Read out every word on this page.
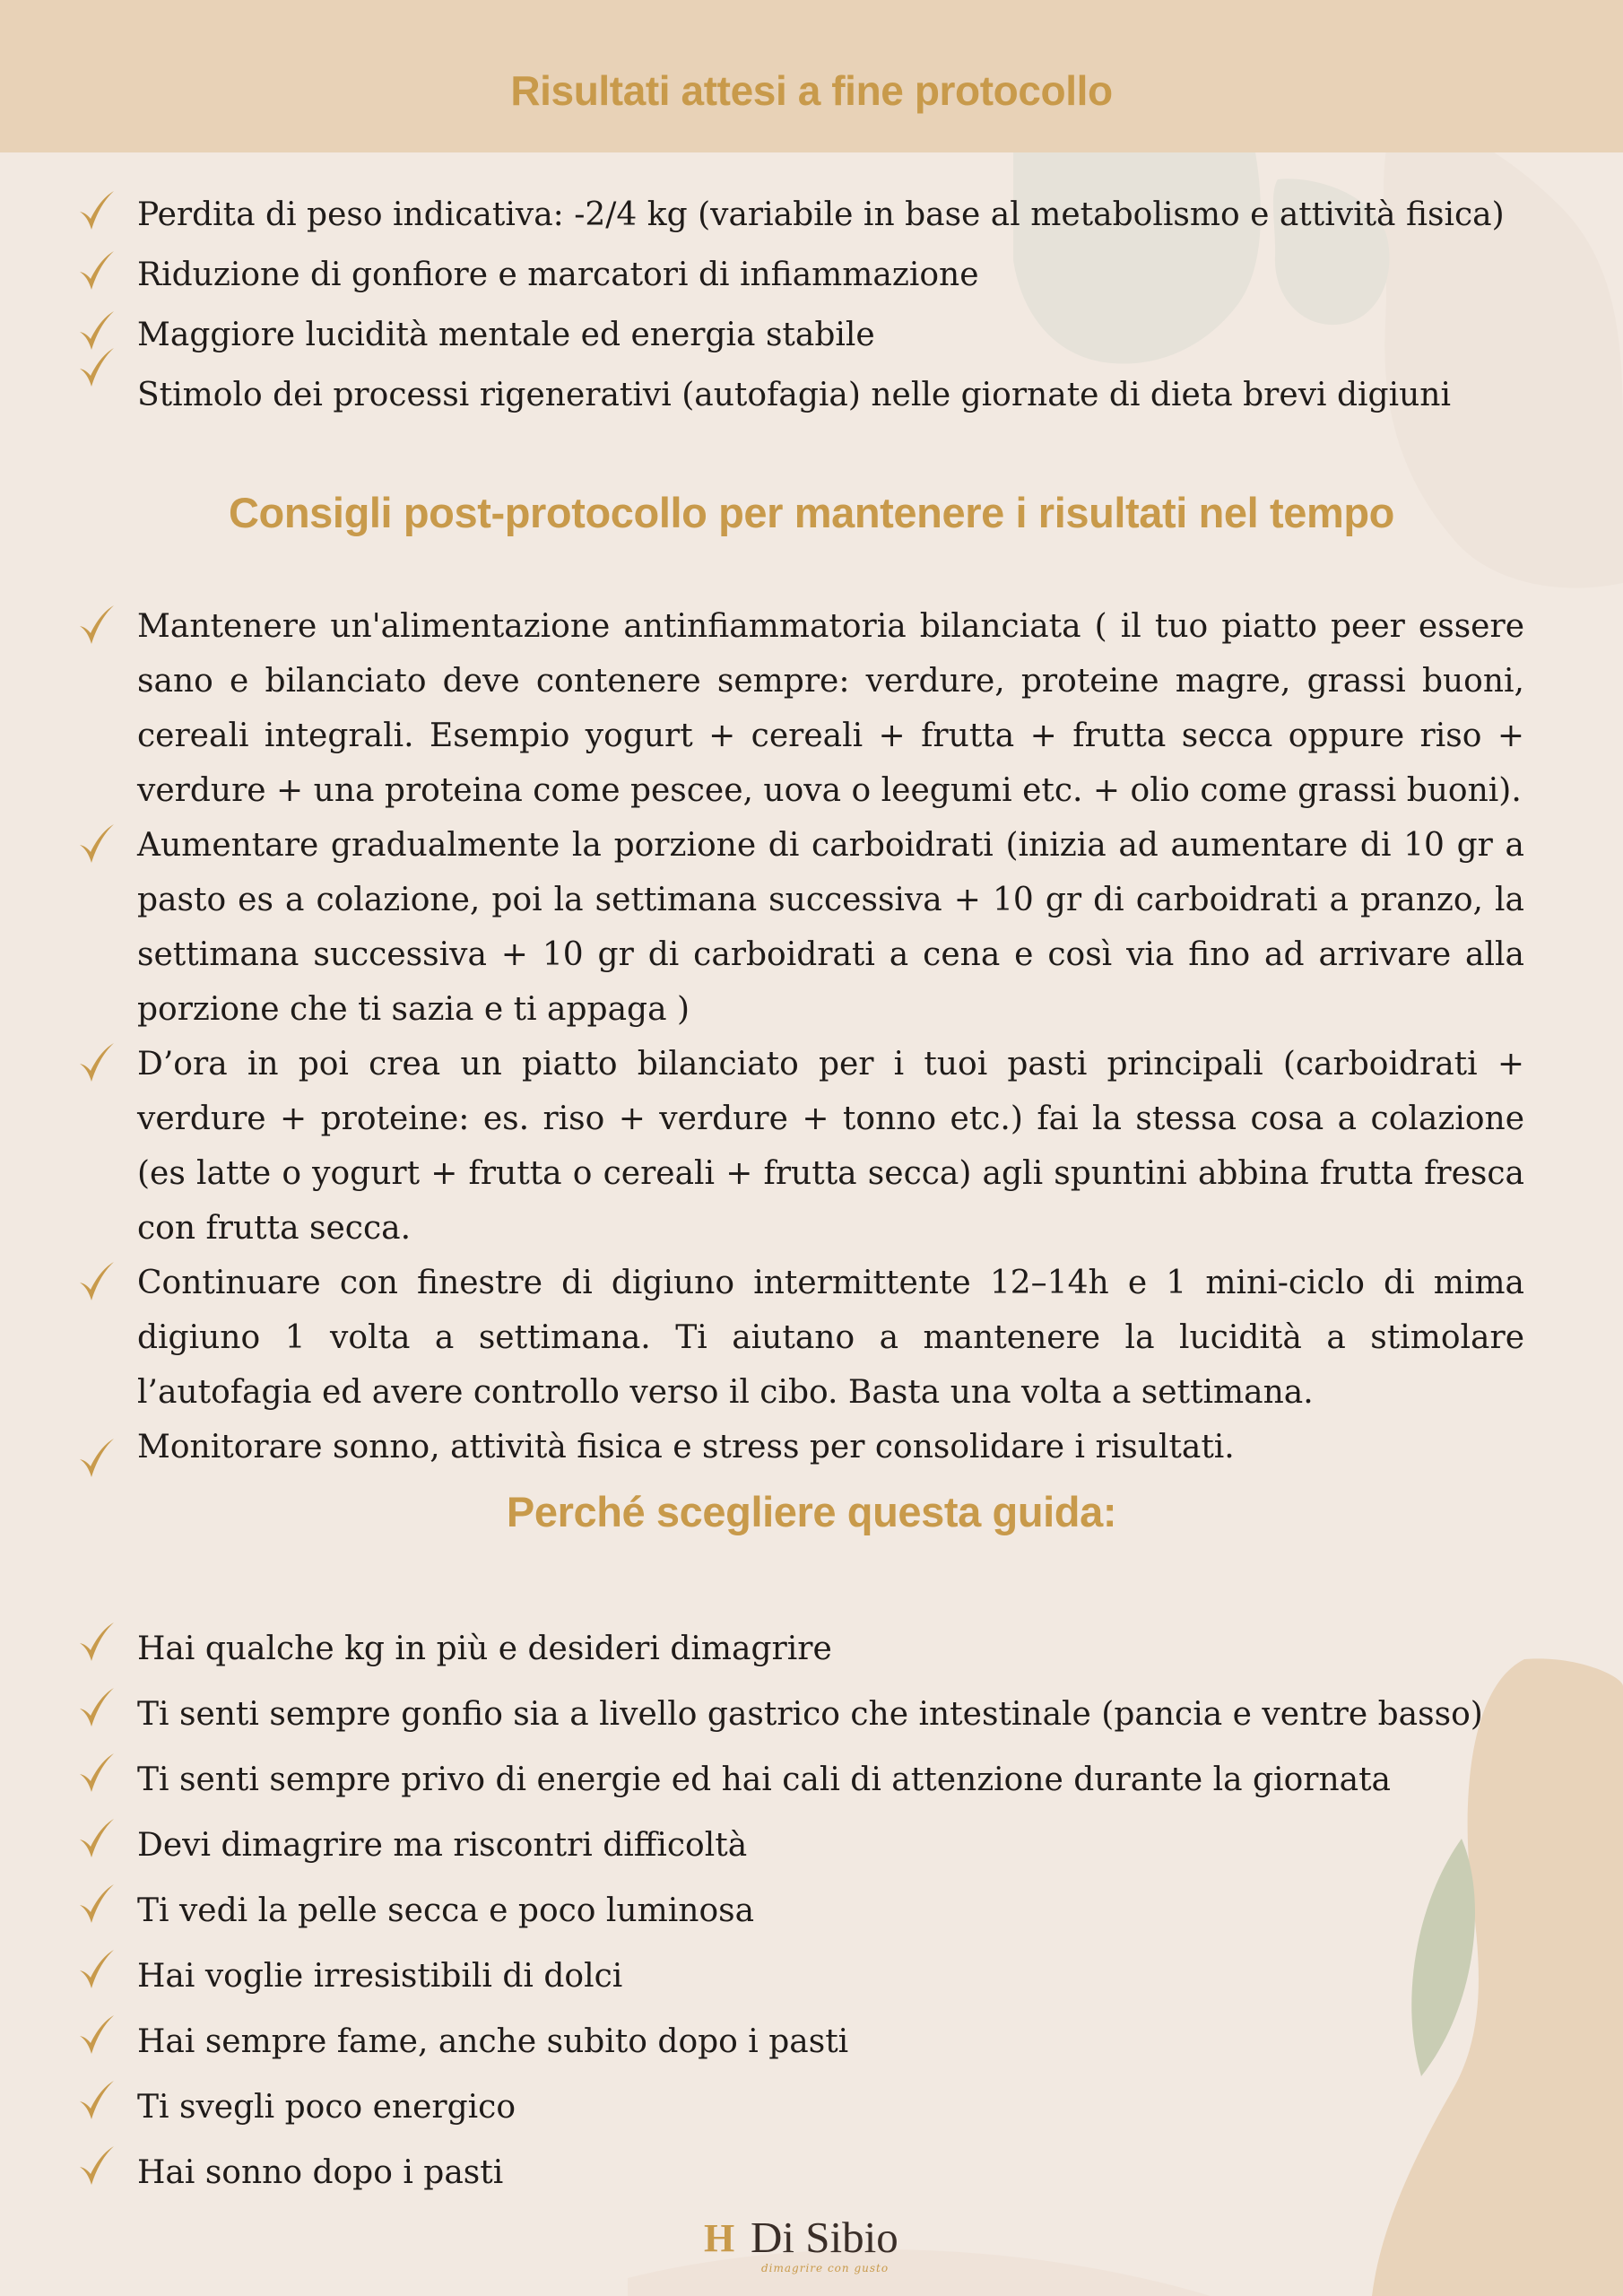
Risultati attesi a fine protocollo
Perdita di peso indicativa: -2/4 kg (variabile in base al metabolismo e attività fisica)
Riduzione di gonfiore e marcatori di infiammazione
Maggiore lucidità mentale ed energia stabile
Stimolo dei processi rigenerativi (autofagia) nelle giornate di dieta brevi digiuni
Consigli post-protocollo per mantenere i risultati nel tempo
Mantenere un'alimentazione antinfiammatoria bilanciata ( il tuo piatto peer essere sano e bilanciato deve contenere sempre: verdure, proteine magre, grassi buoni, cereali integrali. Esempio yogurt + cereali + frutta + frutta secca oppure riso + verdure + una proteina come pescee, uova o leegumi etc. + olio come grassi buoni).
Aumentare gradualmente la porzione di carboidrati (inizia ad aumentare di 10 gr a pasto es a colazione, poi la settimana successiva + 10 gr di carboidrati a pranzo, la settimana successiva + 10 gr di carboidrati a cena e così via fino ad arrivare alla porzione che ti sazia e ti appaga )
D’ora in poi crea un piatto bilanciato per i tuoi pasti principali (carboidrati + verdure + proteine: es. riso + verdure + tonno etc.) fai la stessa cosa a colazione (es latte o yogurt + frutta o cereali + frutta secca) agli spuntini abbina frutta fresca con frutta secca.
Continuare con finestre di digiuno intermittente 12–14h e 1 mini-ciclo di mima digiuno 1 volta a settimana. Ti aiutano a mantenere la lucidità a stimolare l’autofagia ed avere controllo verso il cibo. Basta una volta a settimana.
Monitorare sonno, attività fisica e stress per consolidare i risultati.
Perché scegliere questa guida:
Hai qualche kg in più e desideri dimagrire
Ti senti sempre gonfio sia a livello gastrico che intestinale (pancia e ventre basso)
Ti senti sempre privo di energie ed hai cali di attenzione durante la giornata
Devi dimagrire ma riscontri difficoltà
Ti vedi la pelle secca e poco luminosa
Hai voglie irresistibili di dolci
Hai sempre fame, anche subito dopo i pasti
Ti svegli poco energico
Hai sonno dopo i pasti
H Di Sibio
dimagrire con gusto
